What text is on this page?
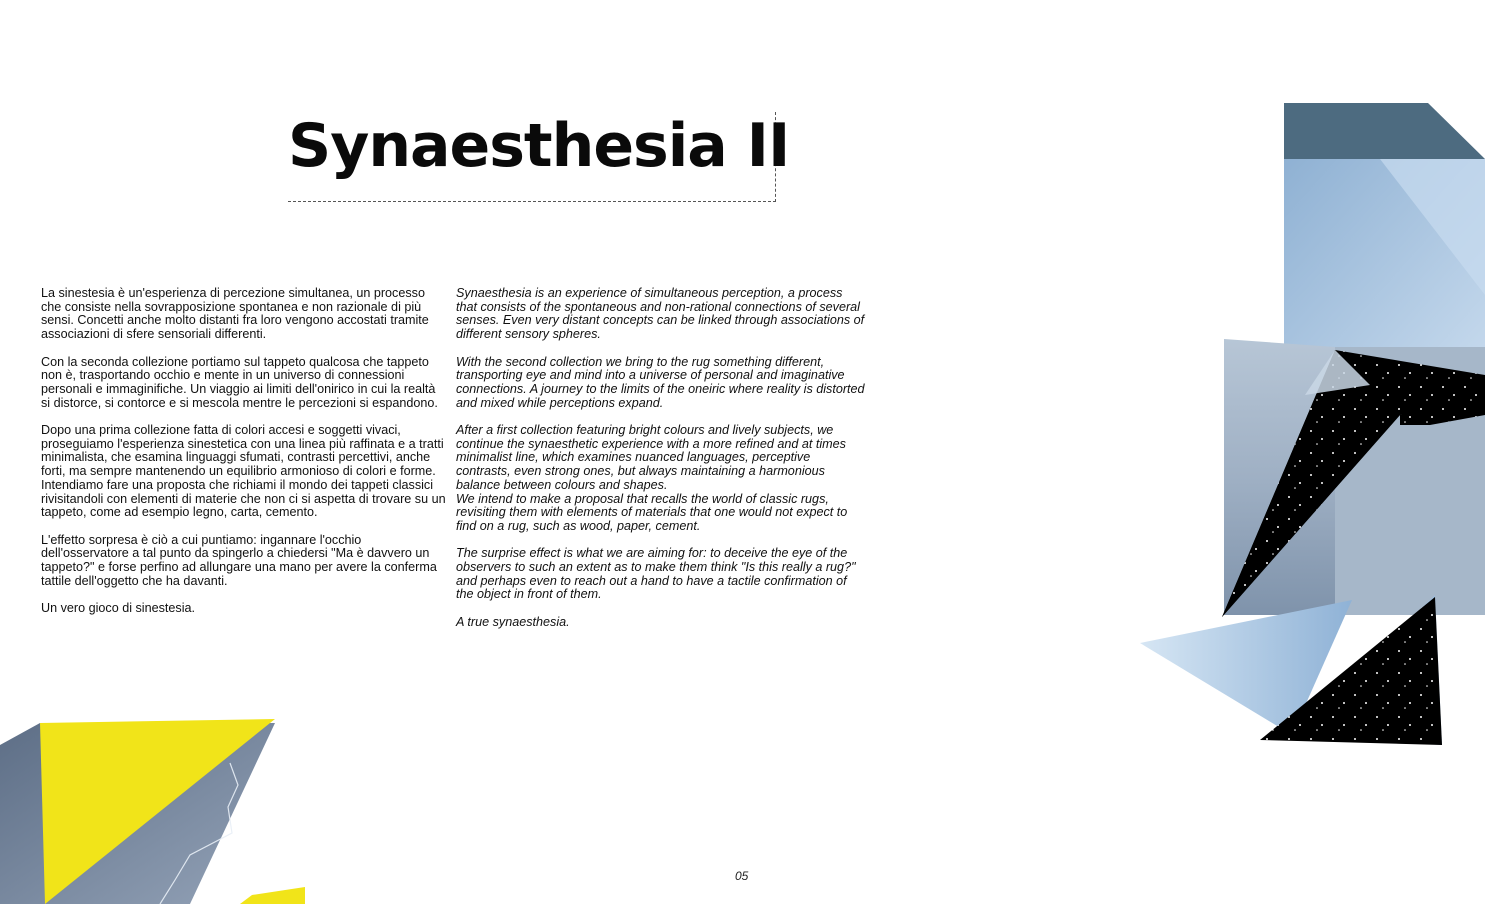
Synaesthesia II

La sinestesia è un'esperienza di percezione simultanea, un processo che consiste nella sovrapposizione spontanea e non razionale di più sensi. Concetti anche molto distanti fra loro vengono accostati tramite associazioni di sfere sensoriali differenti.

Con la seconda collezione portiamo sul tappeto qualcosa che tappeto non è, trasportando occhio e mente in un universo di connessioni personali e immaginifiche. Un viaggio ai limiti dell'onirico in cui la realtà si distorce, si contorce e si mescola mentre le percezioni si espandono.

Dopo una prima collezione fatta di colori accesi e soggetti vivaci, proseguiamo l'esperienza sinestetica con una linea più raffinata e a tratti minimalista, che esamina linguaggi sfumati, contrasti percettivi, anche forti, ma sempre mantenendo un equilibrio armonioso di colori e forme.

Intendiamo fare una proposta che richiami il mondo dei tappeti classici rivisitandoli con elementi di materie che non ci si aspetta di trovare su un tappeto, come ad esempio legno, carta, cemento.

L'effetto sorpresa è ciò a cui puntiamo: ingannare l'occhio dell'osservatore a tal punto da spingerlo a chiedersi "Ma è davvero un tappeto?" e forse perfino ad allungare una mano per avere la conferma tattile dell'oggetto che ha davanti.

Un vero gioco di sinestesia.

Synaesthesia is an experience of simultaneous perception, a process that consists of the spontaneous and non-rational connections of several senses. Even very distant concepts can be linked through associations of different sensory spheres.

With the second collection we bring to the rug something different, transporting eye and mind into a universe of personal and imaginative connections. A journey to the limits of the oneiric where reality is distorted and mixed while perceptions expand.

After a first collection featuring bright colours and lively subjects, we continue the synaesthetic experience with a more refined and at times minimalist line, which examines nuanced languages, perceptive contrasts, even strong ones, but always maintaining a harmonious balance between colours and shapes.

We intend to make a proposal that recalls the world of classic rugs, revisiting them with elements of materials that one would not expect to find on a rug, such as wood, paper, cement.

The surprise effect is what we are aiming for: to deceive the eye of the observers to such an extent as to make them think "Is this really a rug?" and perhaps even to reach out a hand to have a tactile confirmation of the object in front of them.

A true synaesthesia.

05
